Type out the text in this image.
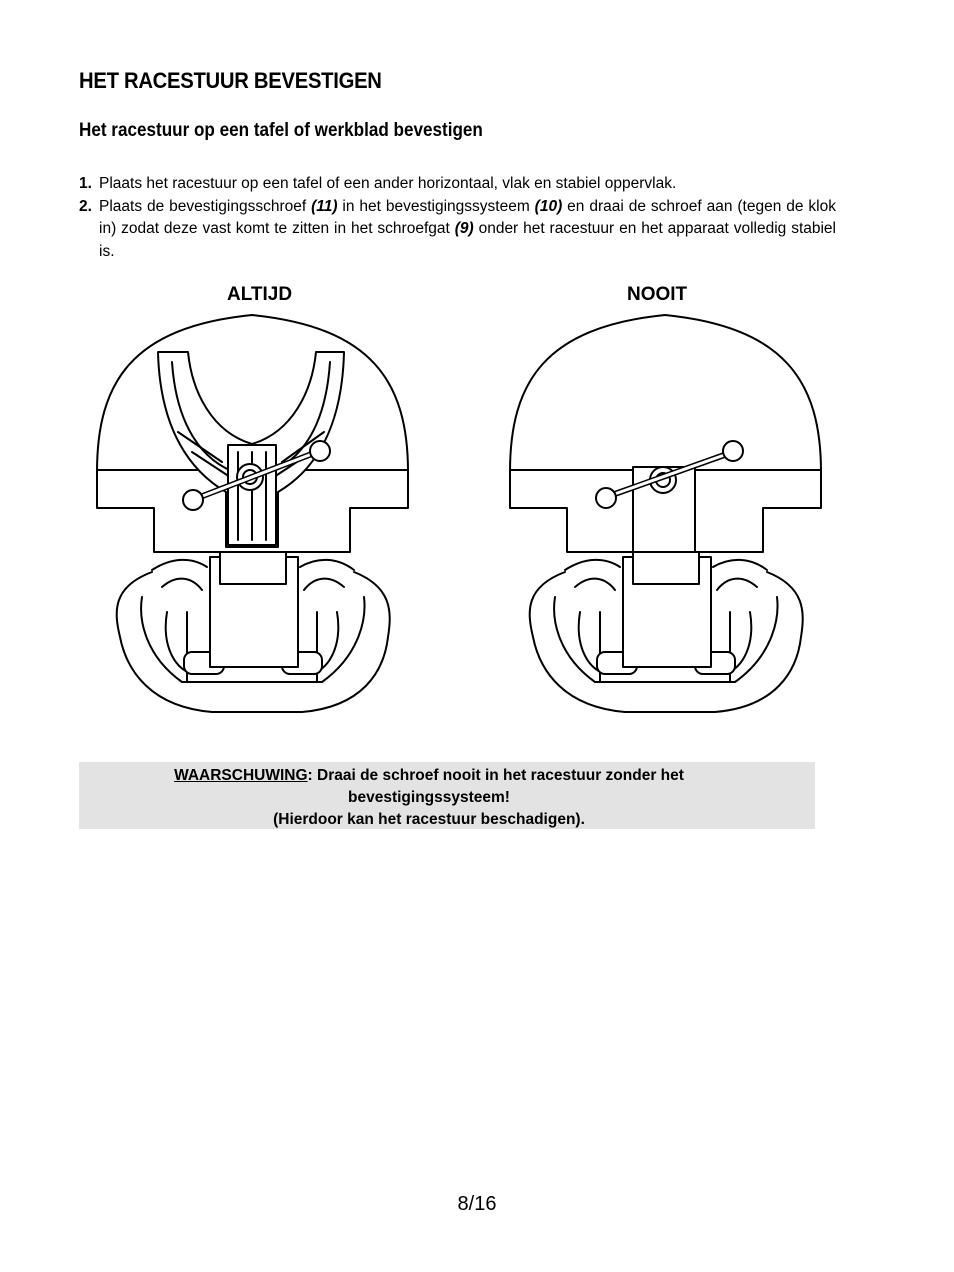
HET RACESTUUR BEVESTIGEN
Het racestuur op een tafel of werkblad bevestigen
1. Plaats het racestuur op een tafel of een ander horizontaal, vlak en stabiel oppervlak.
2. Plaats de bevestigingsschroef (11) in het bevestigingssysteem (10) en draai de schroef aan (tegen de klok in) zodat deze vast komt te zitten in het schroefgat (9) onder het racestuur en het apparaat volledig stabiel is.
ALTIJD	NOOIT

WAARSCHUWING: Draai de schroef nooit in het racestuur zonder het

bevestigingssysteem!

(Hierdoor kan het racestuur beschadigen).

8/16
